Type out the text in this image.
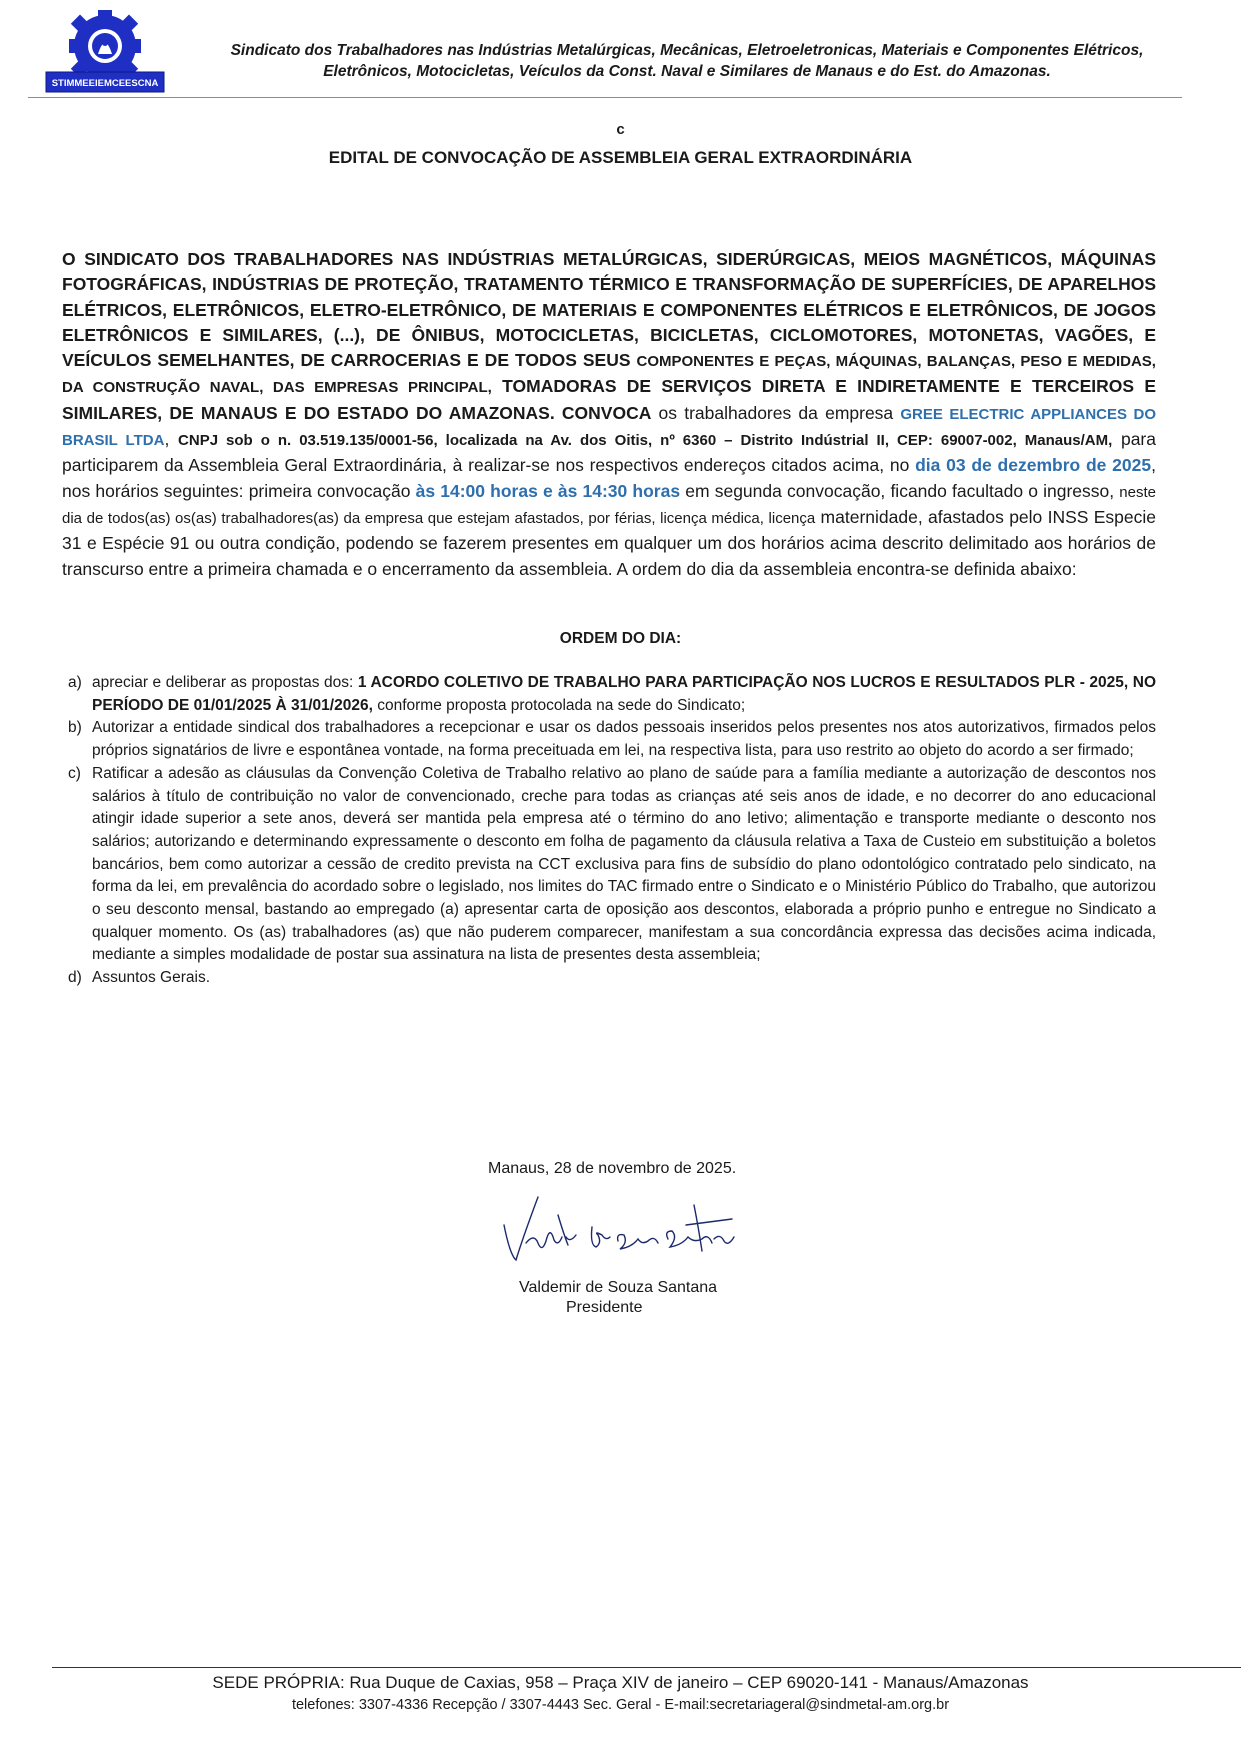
STIMMEEIEMCEESCNA
Sindicato dos Trabalhadores nas Indústrias Metalúrgicas, Mecânicas, Eletroeletronicas, Materiais e Componentes Elétricos,
Eletrônicos, Motocicletas, Veículos da Const. Naval e Similares de Manaus e do Est. do Amazonas.
c
EDITAL DE CONVOCAÇÃO DE ASSEMBLEIA GERAL EXTRAORDINÁRIA
O SINDICATO DOS TRABALHADORES NAS INDÚSTRIAS METALÚRGICAS, SIDERÚRGICAS, MEIOS MAGNÉTICOS, MÁQUINAS FOTOGRÁFICAS, INDÚSTRIAS DE PROTEÇÃO, TRATAMENTO TÉRMICO E TRANSFORMAÇÃO DE SUPERFÍCIES, DE APARELHOS ELÉTRICOS, ELETRÔNICOS, ELETRO-ELETRÔNICO, DE MATERIAIS E COMPONENTES ELÉTRICOS E ELETRÔNICOS, DE JOGOS ELETRÔNICOS E SIMILARES, (...), DE ÔNIBUS, MOTOCICLETAS, BICICLETAS, CICLOMOTORES, MOTONETAS, VAGÕES, E VEÍCULOS SEMELHANTES, DE CARROCERIAS E DE TODOS SEUS COMPONENTES E PEÇAS, MÁQUINAS, BALANÇAS, PESO E MEDIDAS, DA CONSTRUÇÃO NAVAL, DAS EMPRESAS PRINCIPAL, TOMADORAS DE SERVIÇOS DIRETA E INDIRETAMENTE E TERCEIROS E SIMILARES, DE MANAUS E DO ESTADO DO AMAZONAS. CONVOCA os trabalhadores da empresa GREE ELECTRIC APPLIANCES DO BRASIL LTDA, CNPJ sob o n. 03.519.135/0001-56, localizada na Av. dos Oitis, nº 6360 – Distrito Indústrial II, CEP: 69007-002, Manaus/AM, para participarem da Assembleia Geral Extraordinária, à realizar-se nos respectivos endereços citados acima, no dia 03 de dezembro de 2025, nos horários seguintes: primeira convocação às 14:00 horas e às 14:30 horas em segunda convocação, ficando facultado o ingresso, neste dia de todos(as) os(as) trabalhadores(as) da empresa que estejam afastados, por férias, licença médica, licença maternidade, afastados pelo INSS Especie 31 e Espécie 91 ou outra condição, podendo se fazerem presentes em qualquer um dos horários acima descrito delimitado aos horários de transcurso entre a primeira chamada e o encerramento da assembleia. A ordem do dia da assembleia encontra-se definida abaixo:
ORDEM DO DIA:
a) apreciar e deliberar as propostas dos: 1 ACORDO COLETIVO DE TRABALHO PARA PARTICIPAÇÃO NOS LUCROS E RESULTADOS PLR - 2025, NO PERÍODO DE 01/01/2025 À 31/01/2026, conforme proposta protocolada na sede do Sindicato;
b) Autorizar a entidade sindical dos trabalhadores a recepcionar e usar os dados pessoais inseridos pelos presentes nos atos autorizativos, firmados pelos próprios signatários de livre e espontânea vontade, na forma preceituada em lei, na respectiva lista, para uso restrito ao objeto do acordo a ser firmado;
c) Ratificar a adesão as cláusulas da Convenção Coletiva de Trabalho relativo ao plano de saúde para a família mediante a autorização de descontos nos salários à título de contribuição no valor de convencionado, creche para todas as crianças até seis anos de idade, e no decorrer do ano educacional atingir idade superior a sete anos, deverá ser mantida pela empresa até o término do ano letivo; alimentação e transporte mediante o desconto nos salários; autorizando e determinando expressamente o desconto em folha de pagamento da cláusula relativa a Taxa de Custeio em substituição a boletos bancários, bem como autorizar a cessão de credito prevista na CCT exclusiva para fins de subsídio do plano odontológico contratado pelo sindicato, na forma da lei, em prevalência do acordado sobre o legislado, nos limites do TAC firmado entre o Sindicato e o Ministério Público do Trabalho, que autorizou o seu desconto mensal, bastando ao empregado (a) apresentar carta de oposição aos descontos, elaborada a próprio punho e entregue no Sindicato a qualquer momento. Os (as) trabalhadores (as) que não puderem comparecer, manifestam a sua concordância expressa das decisões acima indicada, mediante a simples modalidade de postar sua assinatura na lista de presentes desta assembleia;
d) Assuntos Gerais.
Manaus, 28 de novembro de 2025.
Valdemir de Souza Santana
Presidente
SEDE PRÓPRIA: Rua Duque de Caxias, 958 – Praça XIV de janeiro – CEP 69020-141 - Manaus/Amazonas
telefones: 3307-4336 Recepção / 3307-4443 Sec. Geral - E-mail:secretariageral@sindmetal-am.org.br
